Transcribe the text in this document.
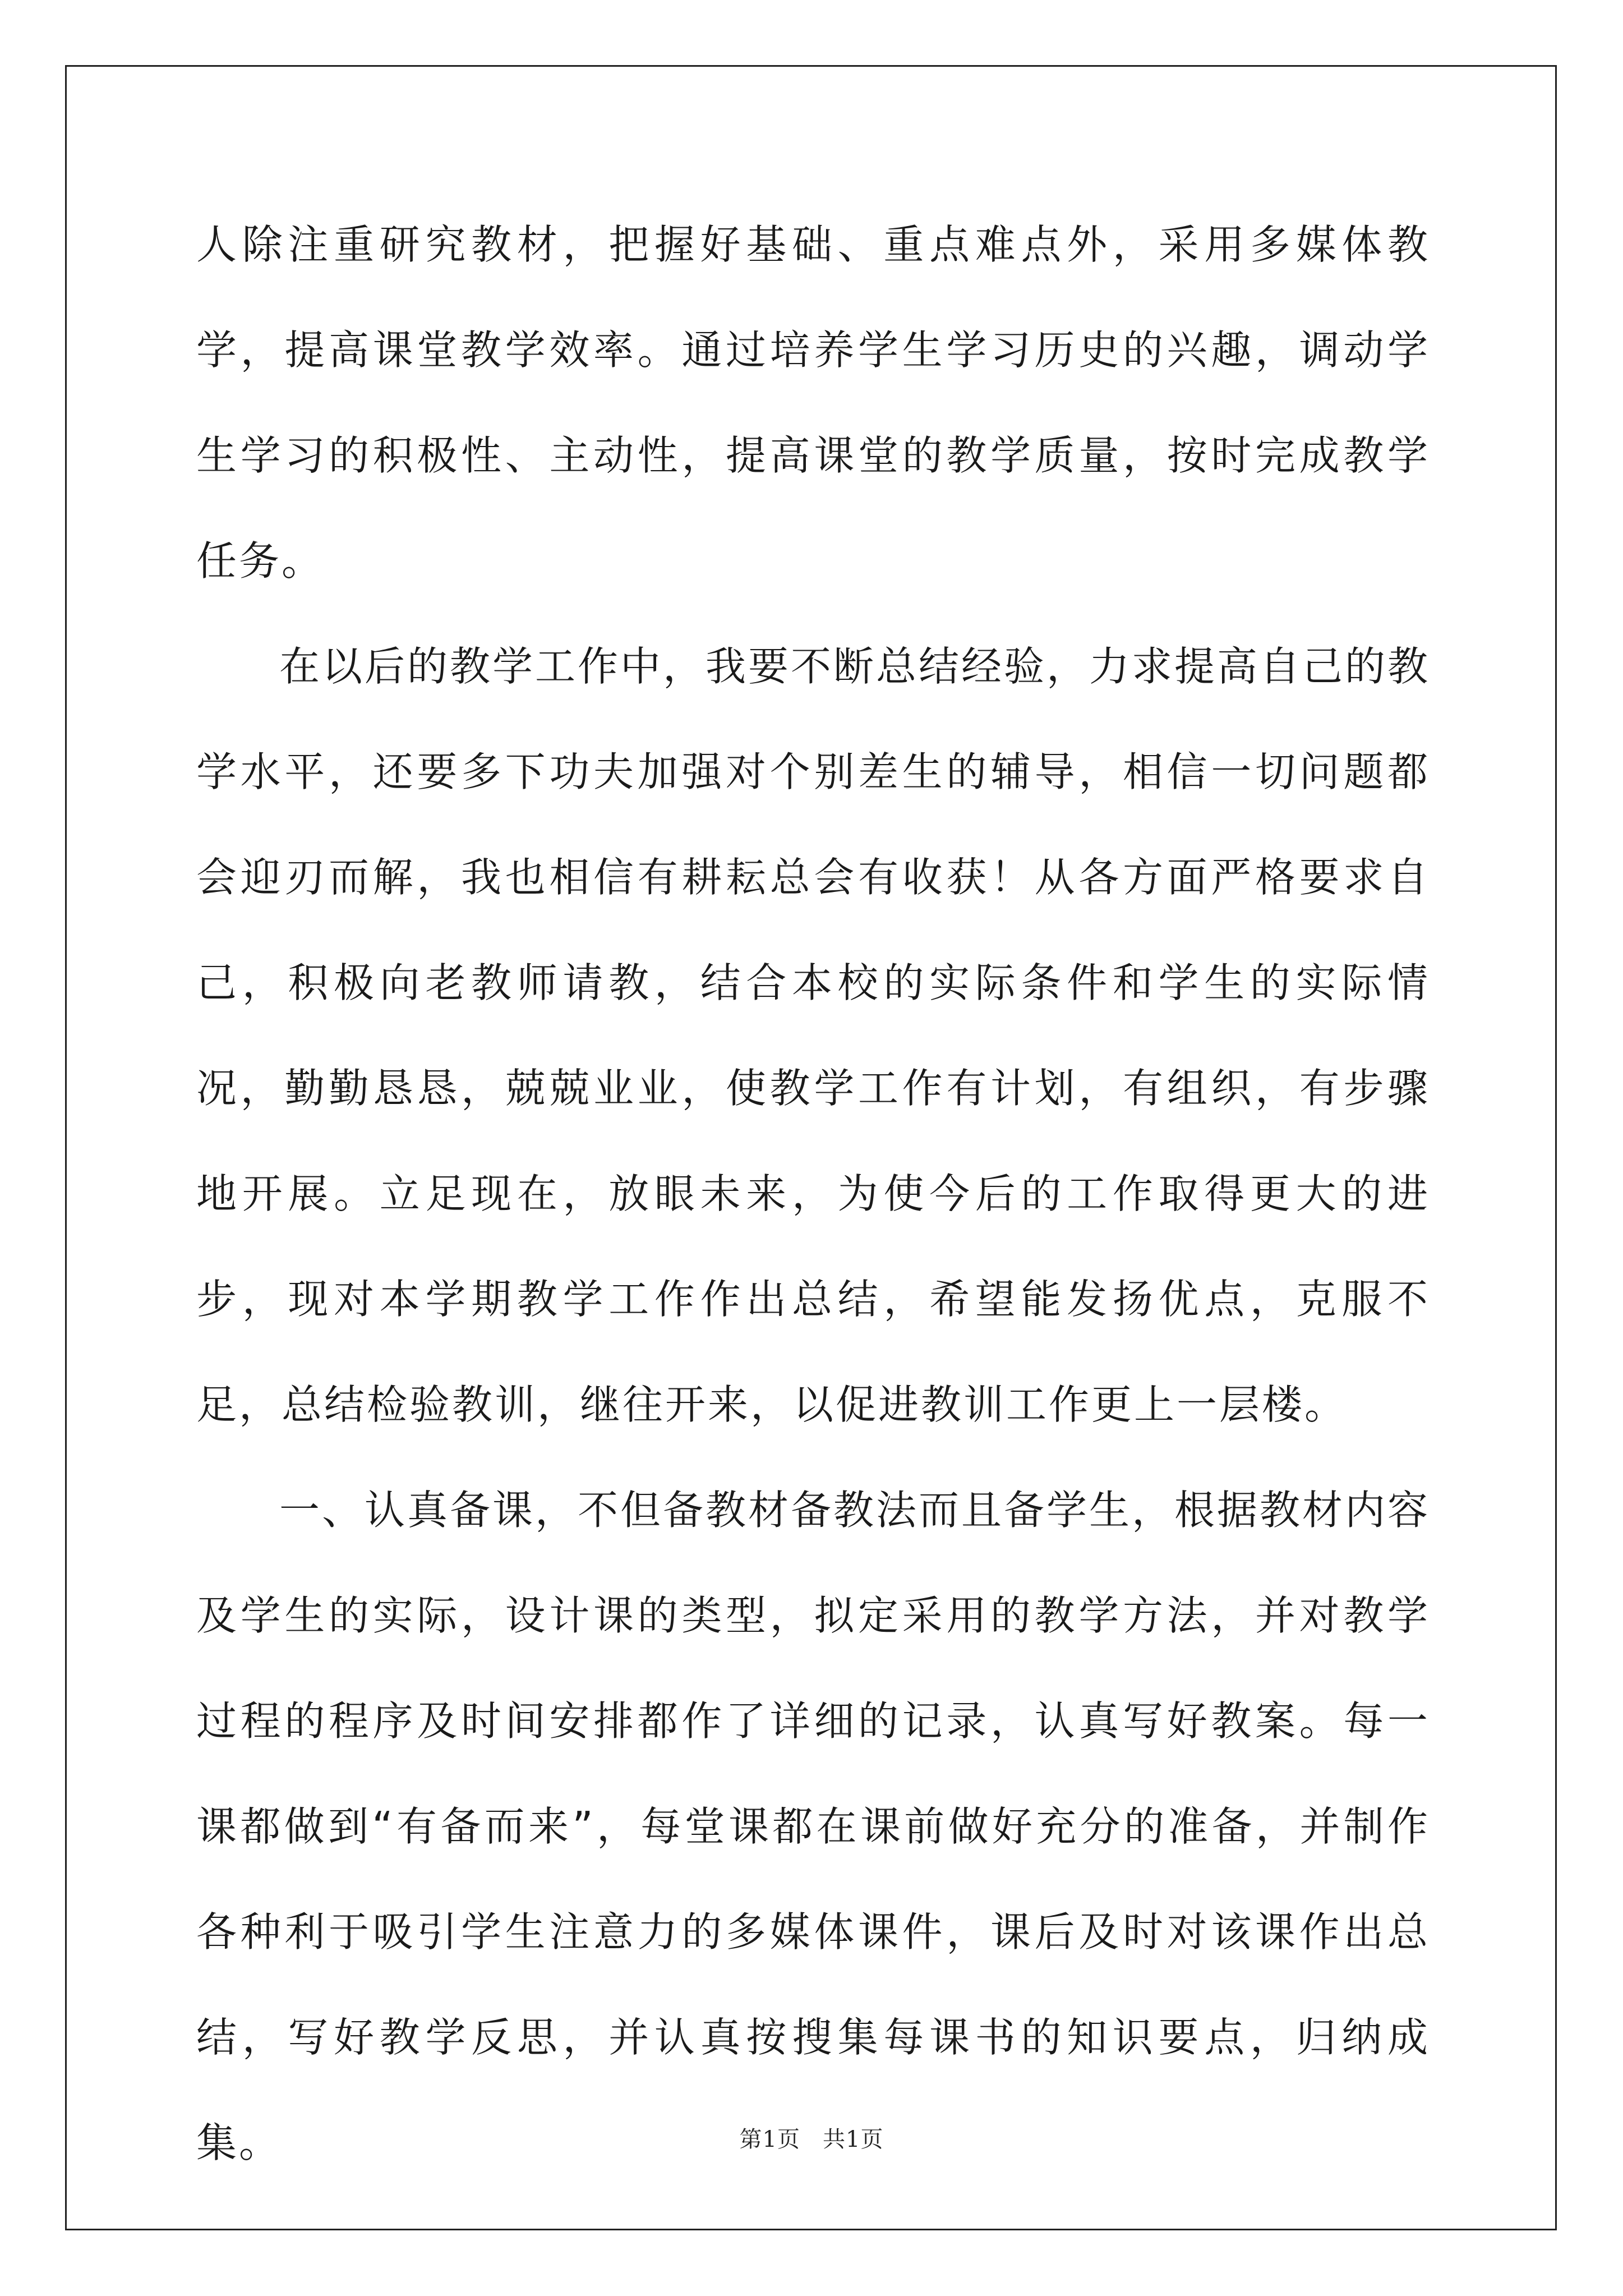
人除注重研究教材，把握好基础、重点难点外，采用多媒体教学，提高课堂教学效率。通过培养学生学习历史的兴趣，调动学生学习的积极性、主动性，提高课堂的教学质量，按时完成教学任务。

在以后的教学工作中，我要不断总结经验，力求提高自己的教学水平，还要多下功夫加强对个别差生的辅导，相信一切问题都会迎刃而解，我也相信有耕耘总会有收获！从各方面严格要求自己，积极向老教师请教，结合本校的实际条件和学生的实际情况，勤勤恳恳，兢兢业业，使教学工作有计划，有组织，有步骤地开展。立足现在，放眼未来，为使今后的工作取得更大的进步，现对本学期教学工作作出总结，希望能发扬优点，克服不足，总结检验教训，继往开来，以促进教训工作更上一层楼。

一、认真备课，不但备教材备教法而且备学生，根据教材内容及学生的实际，设计课的类型，拟定采用的教学方法，并对教学过程的程序及时间安排都作了详细的记录，认真写好教案。每一课都做到“有备而来”，每堂课都在课前做好充分的准备，并制作各种利于吸引学生注意力的多媒体课件，课后及时对该课作出总结，写好教学反思，并认真按搜集每课书的知识要点，归纳成集。	第1页 共1页
